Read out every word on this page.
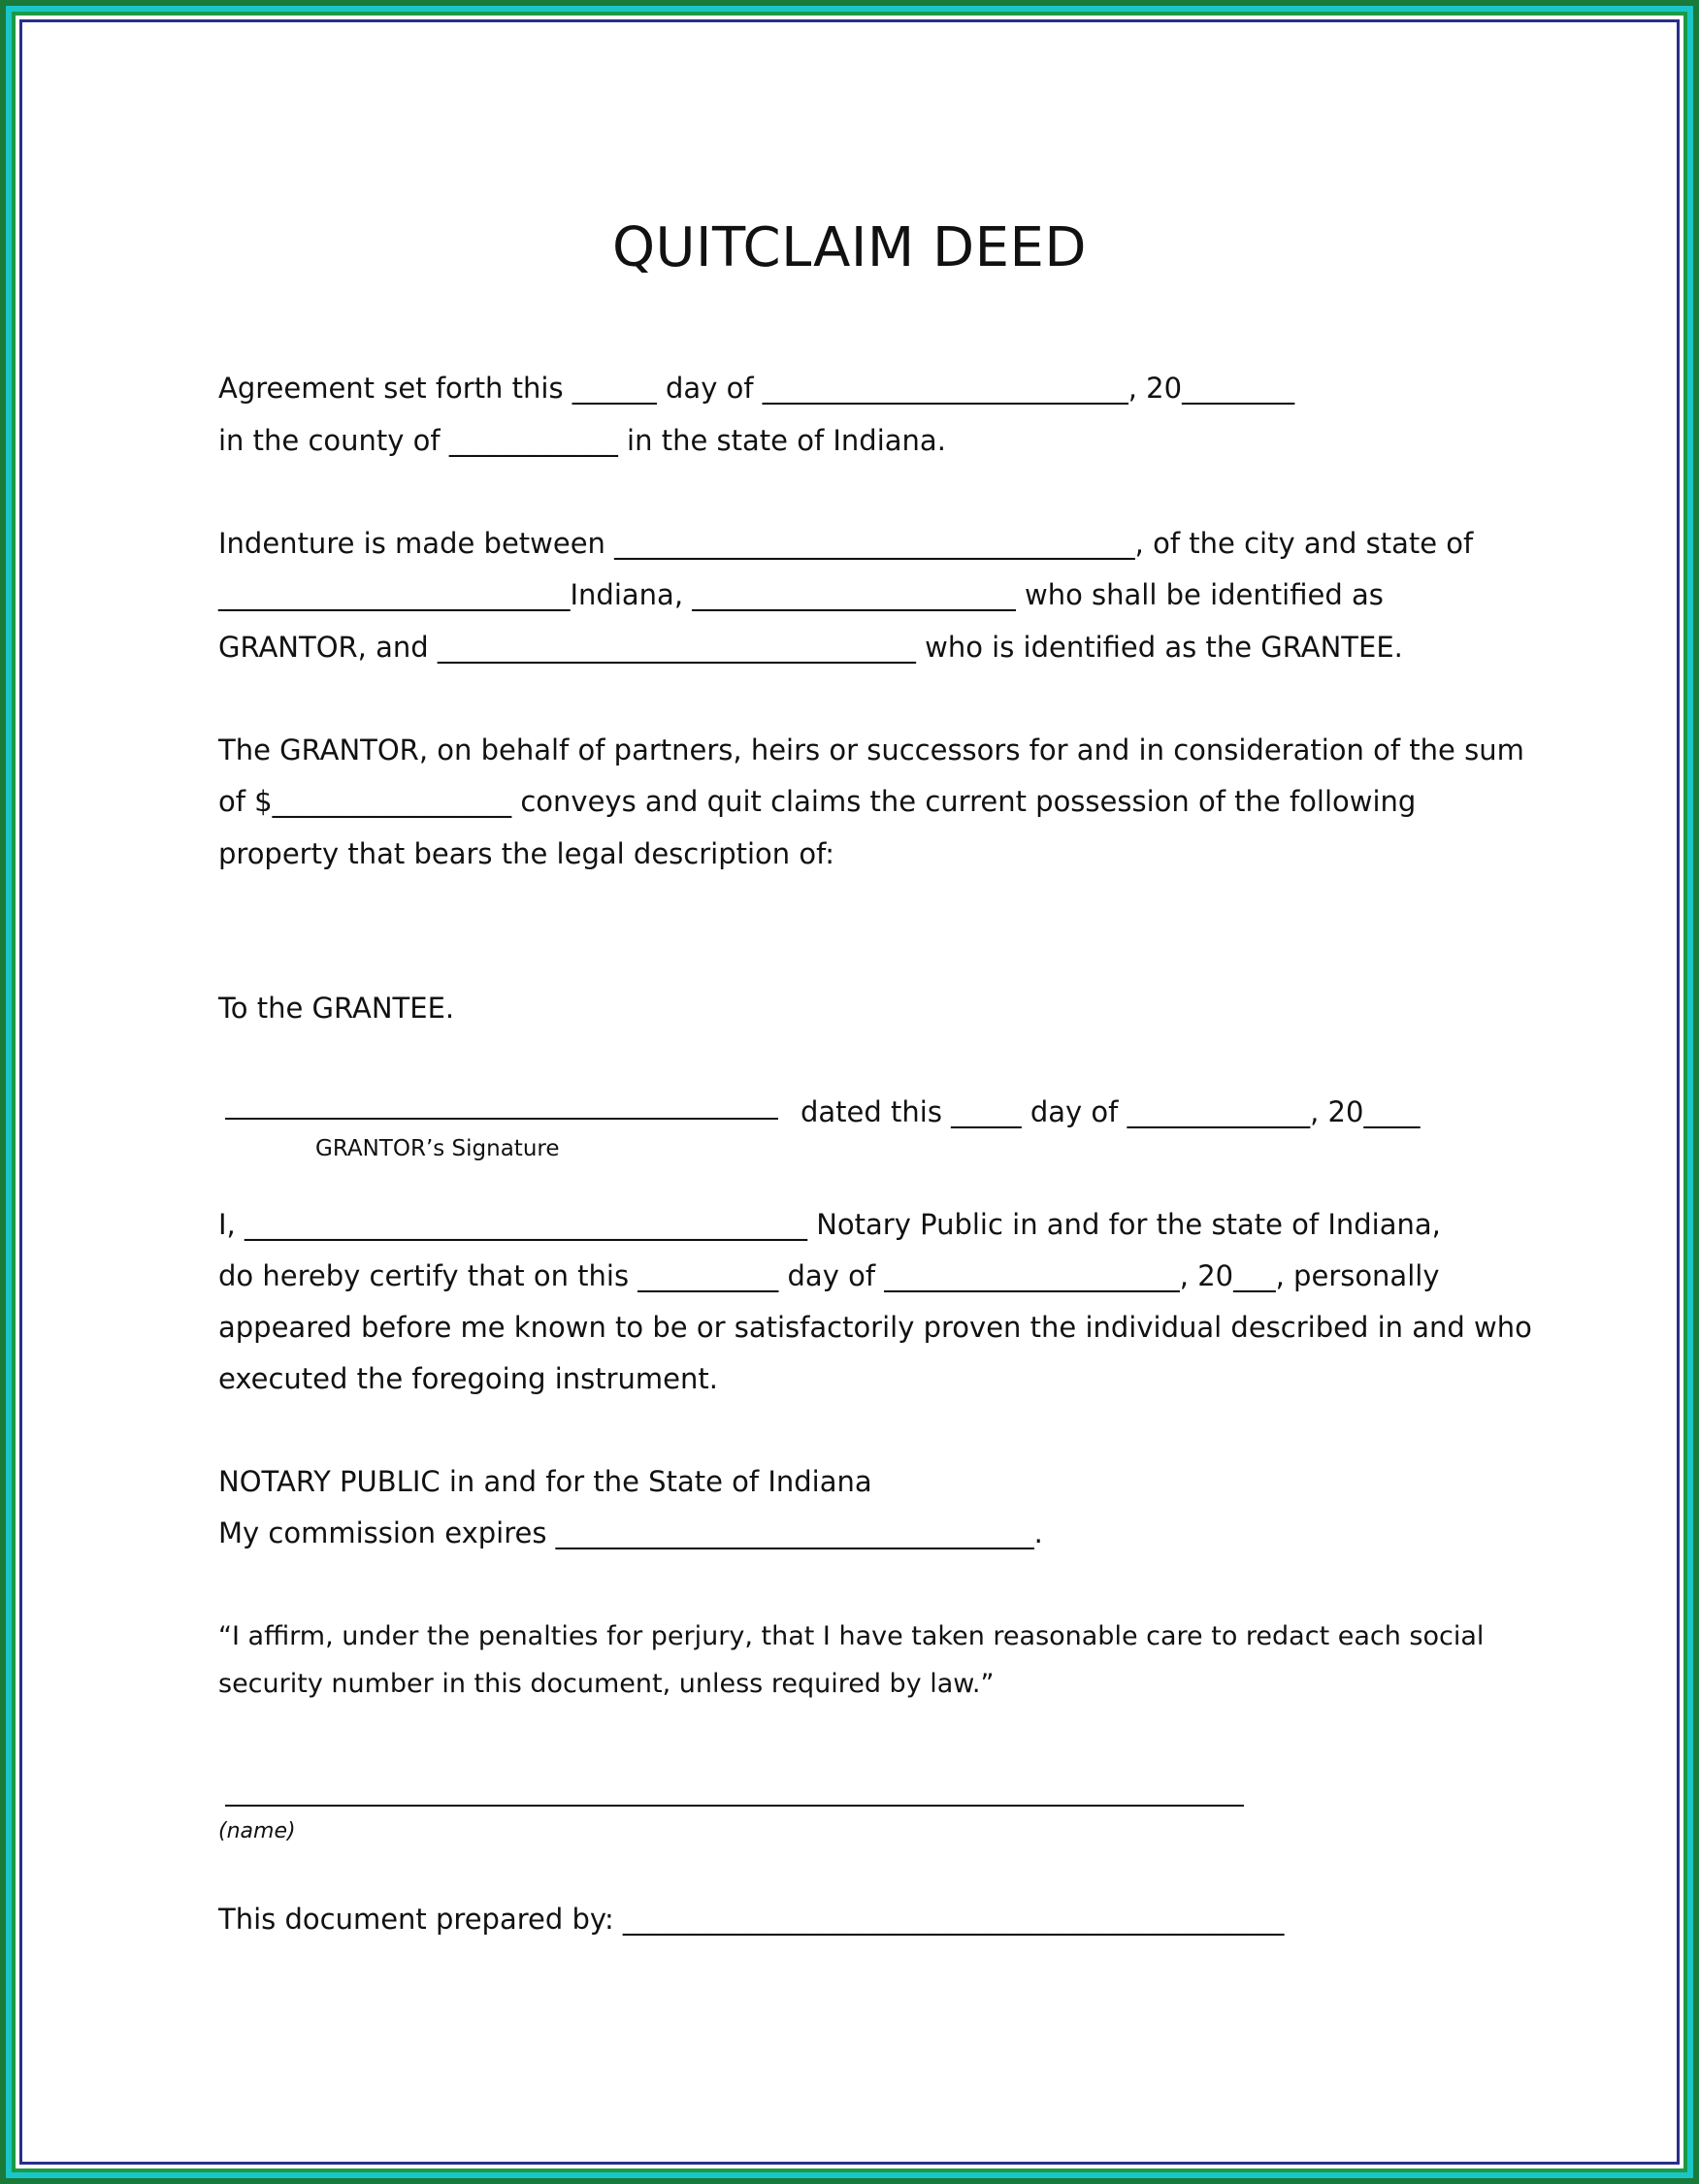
QUITCLAIM DEED
Agreement set forth this ______ day of __________________________, 20________
in the county of ____________ in the state of Indiana.
Indenture is made between _____________________________________, of the city and state of
_________________________Indiana, _______________________ who shall be identified as
GRANTOR, and __________________________________ who is identified as the GRANTEE.
The GRANTOR, on behalf of partners, heirs or successors for and in consideration of the sum
of $_________________ conveys and quit claims the current possession of the following
property that bears the legal description of:
To the GRANTEE.
dated this _____ day of _____________, 20____
GRANTOR’s Signature
I, ________________________________________ Notary Public in and for the state of Indiana,
do hereby certify that on this __________ day of _____________________, 20___, personally
appeared before me known to be or satisfactorily proven the individual described in and who
executed the foregoing instrument.
NOTARY PUBLIC in and for the State of Indiana
My commission expires __________________________________.
“I affirm, under the penalties for perjury, that I have taken reasonable care to redact each social
security number in this document, unless required by law.”
(name)
This document prepared by: _______________________________________________
